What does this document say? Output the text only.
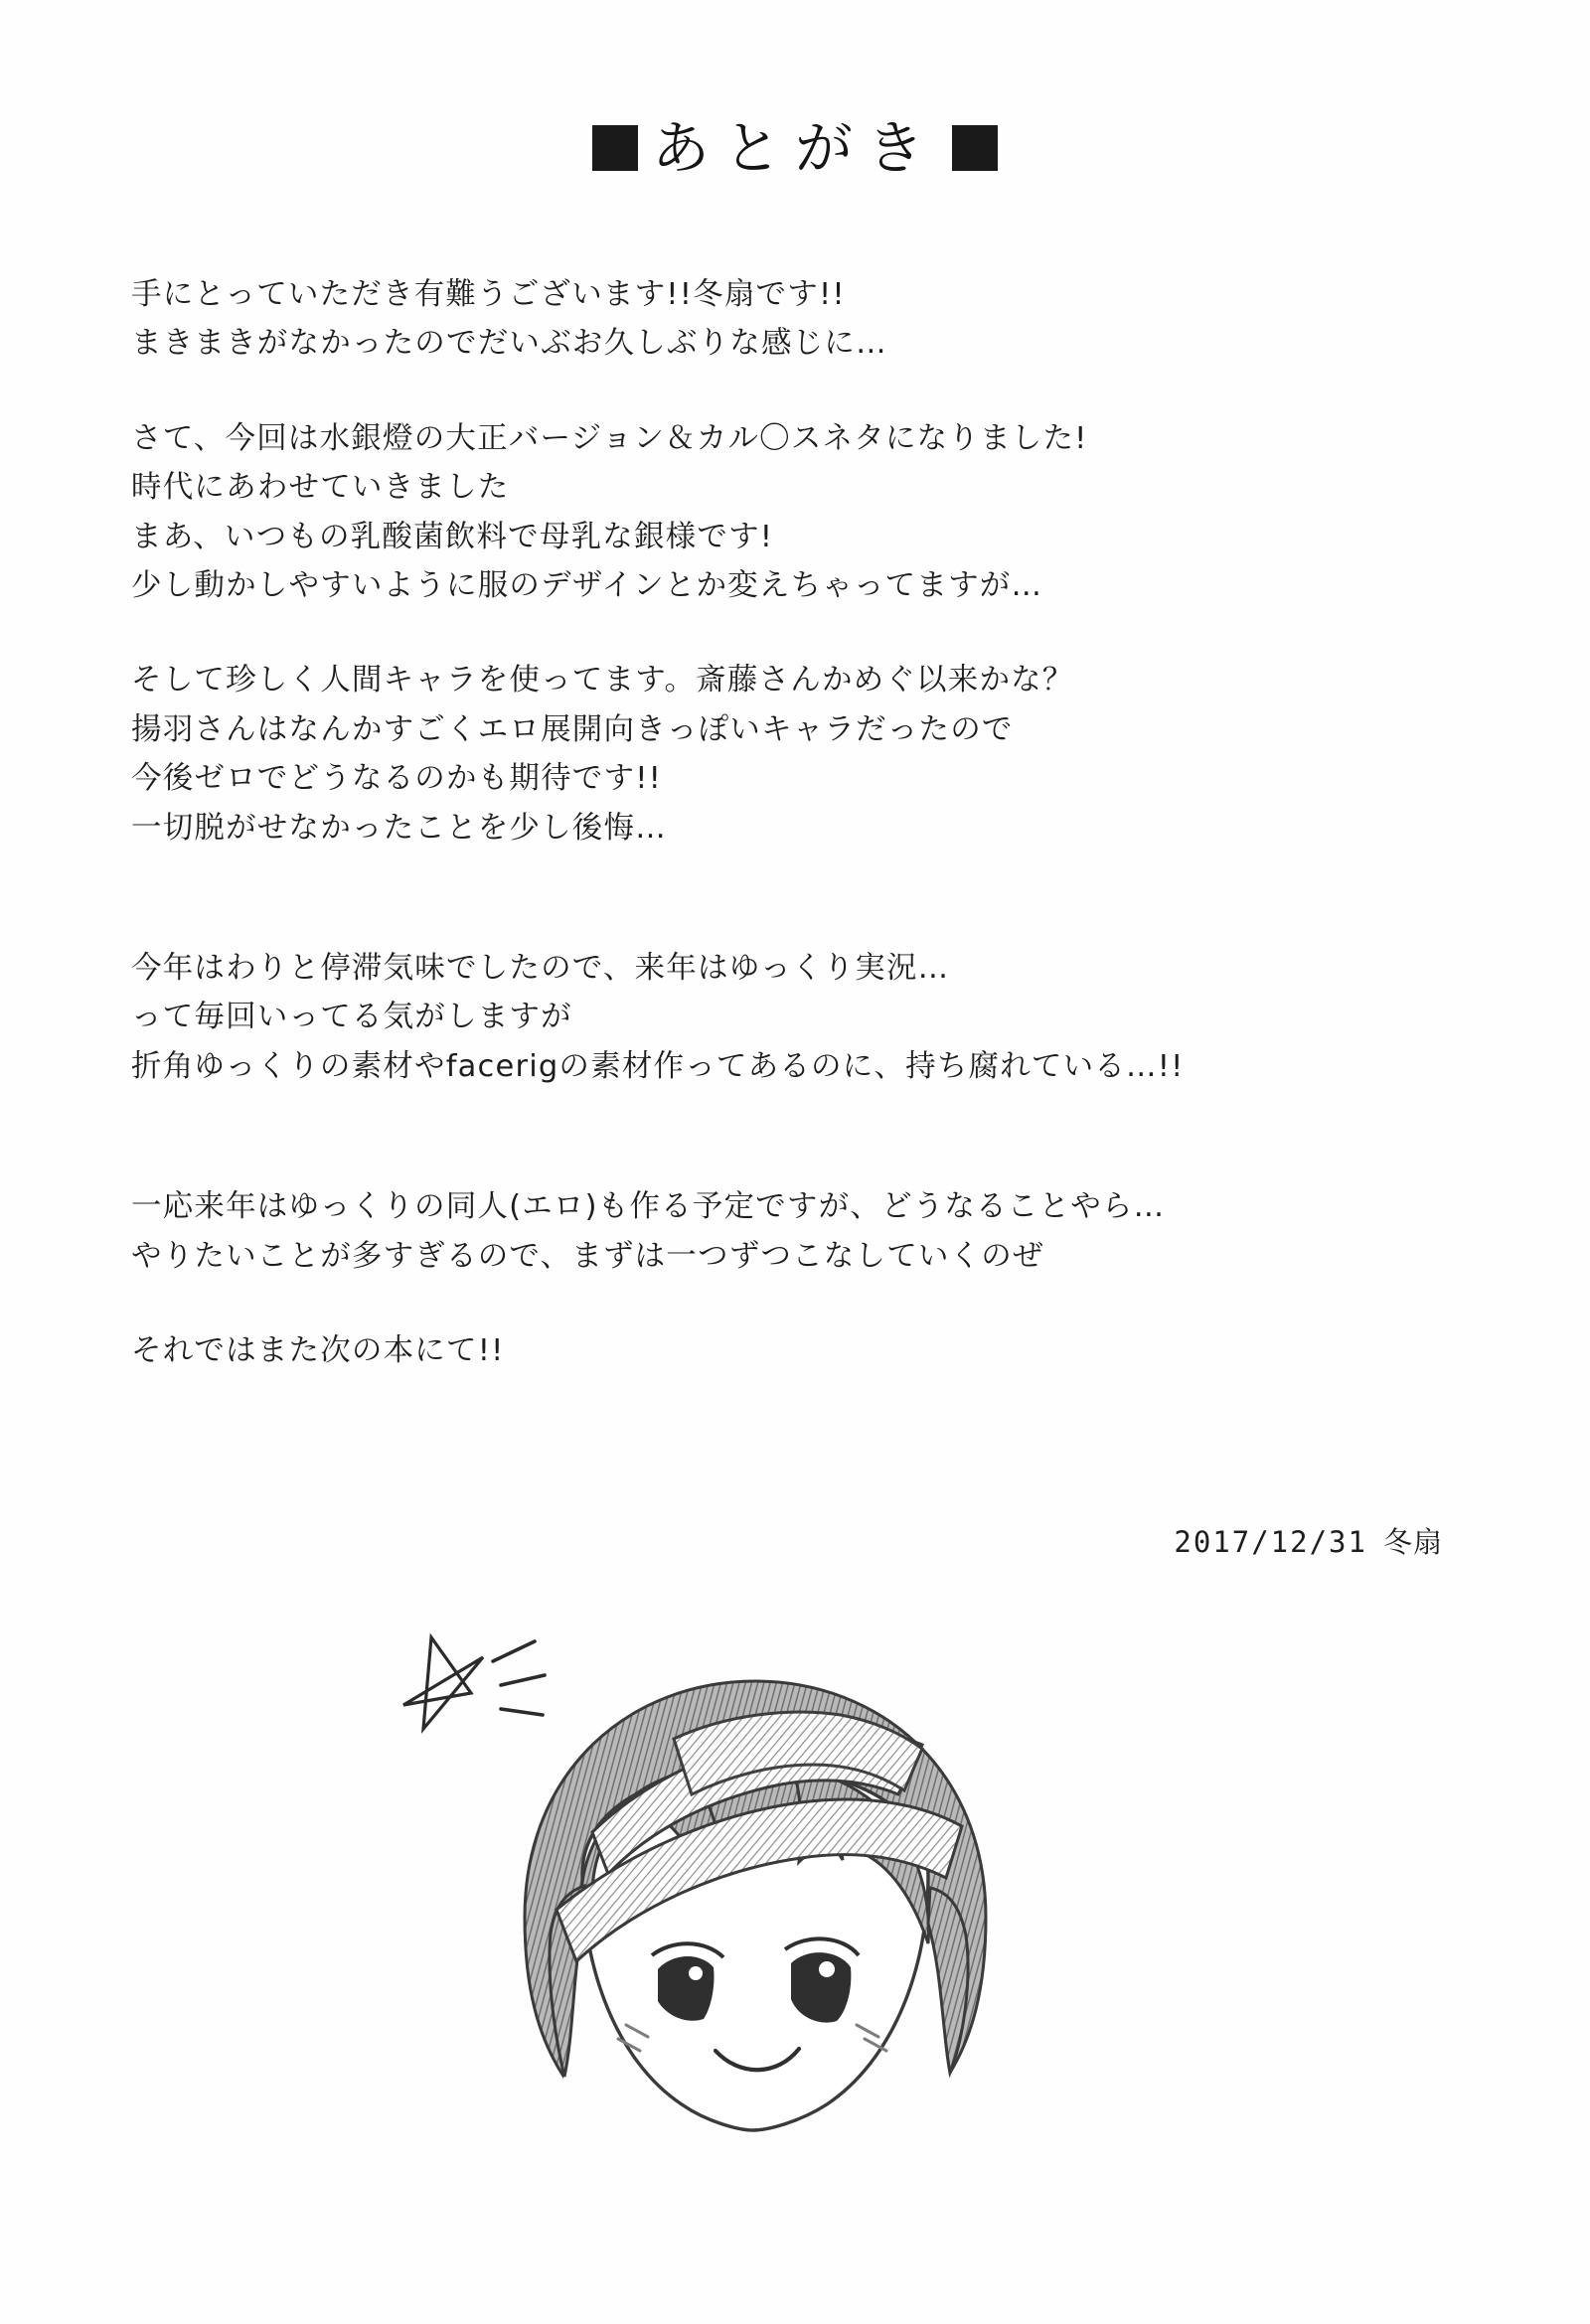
あとがき

手にとっていただき有難うございます!!冬扇です!!
まきまきがなかったのでだいぶお久しぶりな感じに…

さて、今回は水銀燈の大正バージョン＆カル〇スネタになりました!
時代にあわせていきました
まあ、いつもの乳酸菌飲料で母乳な銀様です!
少し動かしやすいように服のデザインとか変えちゃってますが…

そして珍しく人間キャラを使ってます。斎藤さんかめぐ以来かな？
揚羽さんはなんかすごくエロ展開向きっぽいキャラだったので
今後ゼロでどうなるのかも期待です!!
一切脱がせなかったことを少し後悔…

今年はわりと停滞気味でしたので、来年はゆっくり実況…
って毎回いってる気がしますが
折角ゆっくりの素材やfacerigの素材作ってあるのに、持ち腐れている…!!

一応来年はゆっくりの同人(エロ)も作る予定ですが、どうなることやら…
やりたいことが多すぎるので、まずは一つずつこなしていくのぜ

それではまた次の本にて!!

2017/12/31 冬扇
